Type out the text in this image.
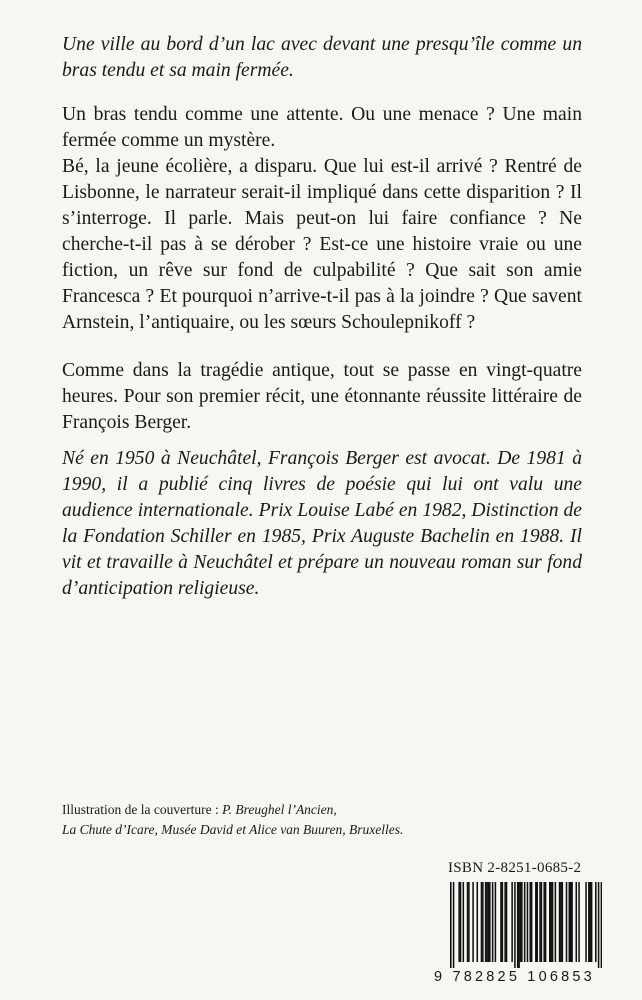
Une ville au bord d’un lac avec devant une presqu’île comme un bras tendu et sa main fermée.

Un bras tendu comme une attente. Ou une menace ? Une main fermée comme un mystère.

Bé, la jeune écolière, a disparu. Que lui est-il arrivé ? Rentré de Lisbonne, le narrateur serait-il impliqué dans cette disparition ? Il s’interroge. Il parle. Mais peut-on lui faire confiance ? Ne cherche-t-il pas à se dérober ? Est-ce une histoire vraie ou une fiction, un rêve sur fond de culpabilité ? Que sait son amie Francesca ? Et pourquoi n’arrive-t-il pas à la joindre ? Que savent Arnstein, l’antiquaire, ou les sœurs Schoulepnikoff ?

Comme dans la tragédie antique, tout se passe en vingt-quatre heures. Pour son premier récit, une étonnante réussite littéraire de François Berger.

Né en 1950 à Neuchâtel, François Berger est avocat. De 1981 à 1990, il a publié cinq livres de poésie qui lui ont valu une audience internationale. Prix Louise Labé en 1982, Distinction de la Fondation Schiller en 1985, Prix Auguste Bachelin en 1988. Il vit et travaille à Neuchâtel et prépare un nouveau roman sur fond d’anticipation religieuse.

Illustration de la couverture : P. Breughel l’Ancien,
La Chute d’Icare, Musée David et Alice van Buuren, Bruxelles.
ISBN 2-8251-0685-2
9 782825 106853
